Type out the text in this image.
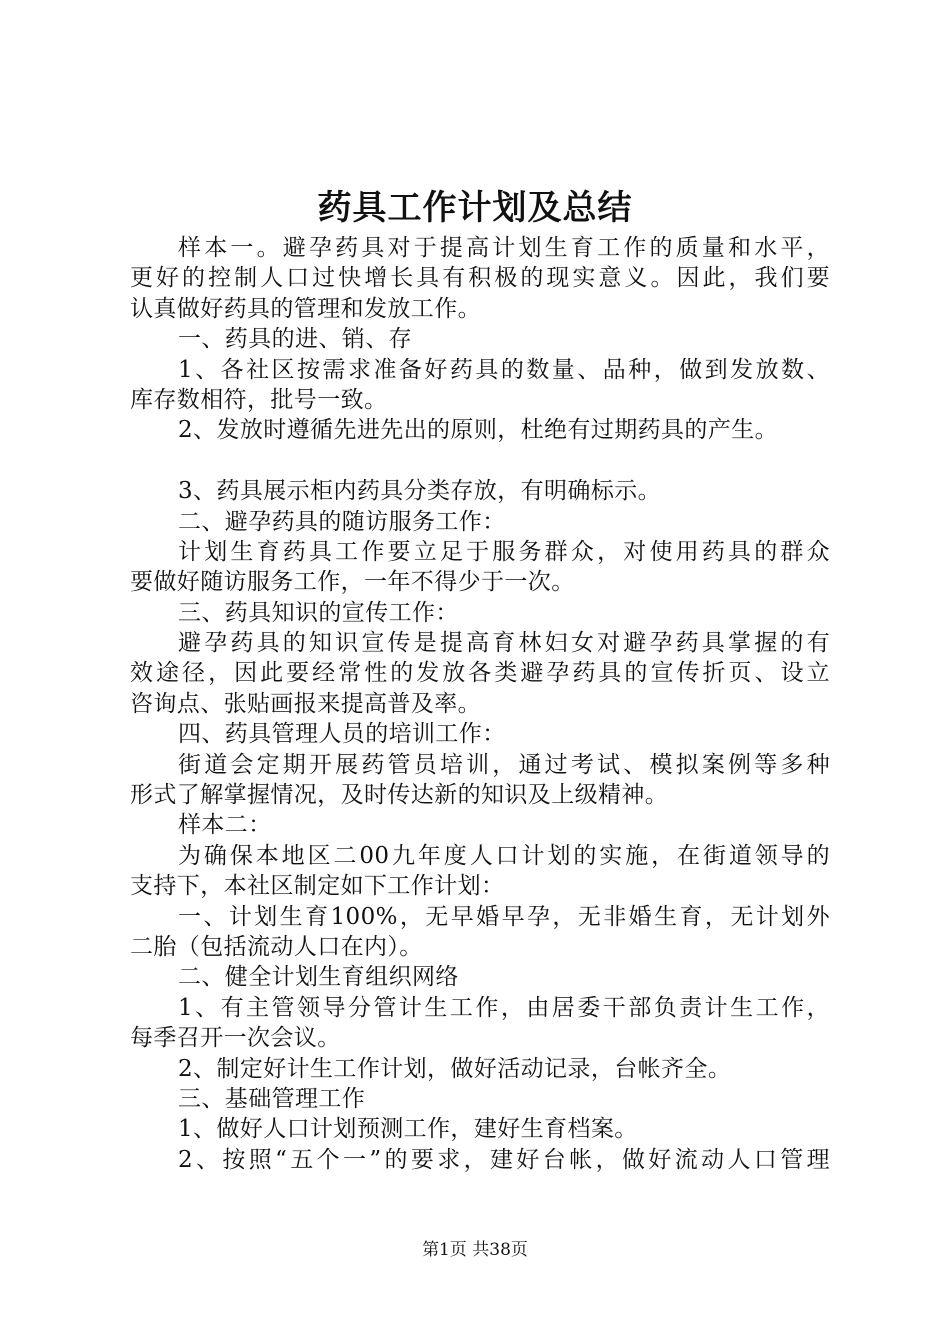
药具工作计划及总结
样本一。避孕药具对于提高计划生育工作的质量和水平，
更好的控制人口过快增长具有积极的现实意义。因此，我们要
认真做好药具的管理和发放工作。
一、药具的进、销、存
1、各社区按需求准备好药具的数量、品种，做到发放数、
库存数相符，批号一致。
2、发放时遵循先进先出的原则，杜绝有过期药具的产生。
3、药具展示柜内药具分类存放，有明确标示。
二、避孕药具的随访服务工作：
计划生育药具工作要立足于服务群众，对使用药具的群众
要做好随访服务工作，一年不得少于一次。
三、药具知识的宣传工作：
避孕药具的知识宣传是提高育林妇女对避孕药具掌握的有
效途径，因此要经常性的发放各类避孕药具的宣传折页、设立
咨询点、张贴画报来提高普及率。
四、药具管理人员的培训工作：
街道会定期开展药管员培训，通过考试、模拟案例等多种
形式了解掌握情况，及时传达新的知识及上级精神。
样本二：
为确保本地区二00九年度人口计划的实施，在街道领导的
支持下，本社区制定如下工作计划：
一、计划生育100%，无早婚早孕，无非婚生育，无计划外
二胎（包括流动人口在内）。
二、健全计划生育组织网络
1、有主管领导分管计生工作，由居委干部负责计生工作，
每季召开一次会议。
2、制定好计生工作计划，做好活动记录，台帐齐全。
三、基础管理工作
1、做好人口计划预测工作，建好生育档案。
2、按照“五个一”的要求，建好台帐，做好流动人口管理
第1页 共38页
